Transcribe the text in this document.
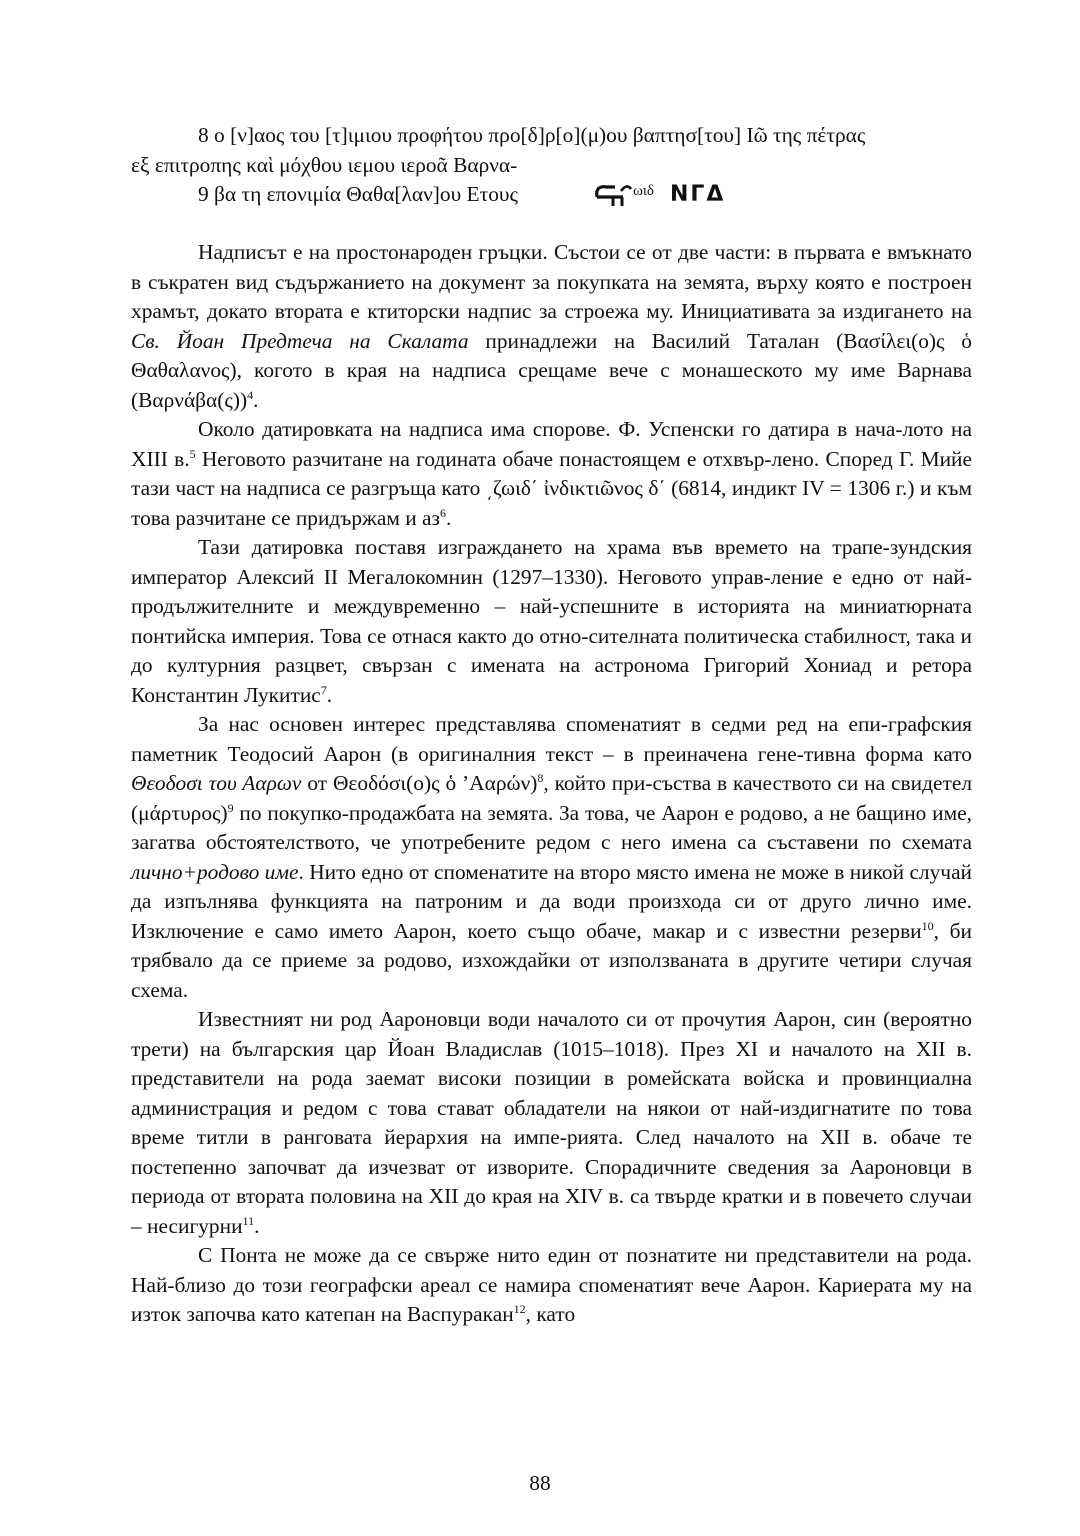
8 ο [ν]αος του [τ]ιμιου προφήτου προ[δ]ρ[ο](μ)ου βαπτησ[του] Ιῶ της πέτρας

εξ επιτροπης καὶ μόχθου ιεμου ιεροᾶ Βαρνα-

9 βα τη επονιμία Θαθα[λαν]ου Ετους	$^{\omega\iota\delta}$ ΝΓΔ

Надписът е на простонароден гръцки. Състои се от две части: в първата е вмъкнато в съкратен вид съдържанието на документ за покупката на земята, върху която е построен храмът, докато втората е ктиторски надпис за строежа му. Инициативата за издигането на Св. Йоан Предтеча на Скалата принадлежи на Василий Таталан (Βασίλει(ο)ς ὁ Θαθαλανος), когото в края на надписа срещаме вече с монашеското му име Варнава $(B\alpha\rho\nu ά\beta\alpha(\varsigma))^4$.

Около датировката на надписа има спорове. Ф. Успенски го датира в нача-лото на XIII в.$^5$ Неговото разчитане на годината обаче понастоящем е отхвър-лено. Според Г. Мийе тази част на надписа се разгръща като ͵ζωιδ΄ ἰνδικτιῶνος δ΄ (6814, индикт IV = 1306 г.) и към това разчитане се придържам и $аз^6$.

Тази датировка поставя изграждането на храма във времето на трапе-зундския император Алексий II Мегалокомнин (1297–1330). Неговото управ-ление е едно от най-продължителните и междувременно – най-успешните в историята на миниатюрната понтийска империя. Това се отнася както до отно-сителната политическа стабилност, така и до културния разцвет, свързан с имената на астронома Григорий Хониад и ретора Константин Лукитис$^7$.

За нас основен интерес представлява споменатият в седми ред на епи-графския паметник Теодосий Аарон (в оригиналния текст – в преиначена гене-тивна форма като Θεοδοσι του Ααρων от Θεοδόσι(ο)ς ὁ ’Ααρών)$^8$, който при-съства в качеството си на свидетел $(\mu ά\rho\tau\upsilon\rho o\varsigma)^9$ по покупко-продажбата на земята. За това, че Аарон е родово, а не бащино име, загатва обстоятелството, че употребените редом с него имена са съставени по схемата лично+родово име. Нито едно от споменатите на второ място имена не може в никой случай да изпълнява функцията на патроним и да води произхода си от друго лично име. Изключение е само името Аарон, което също обаче, макар и с известни резерви$^{10}$, би трябвало да се приеме за родово, изхождайки от използваната в другите четири случая схема.

Известният ни род Аароновци води началото си от прочутия Аарон, син (вероятно трети) на българския цар Йоан Владислав (1015–1018). През XI и началото на XII в. представители на рода заемат високи позиции в ромейската войска и провинциална администрация и редом с това стават обладатели на някои от най-издигнатите по това време титли в ранговата йерархия на импе-рията. След началото на XII в. обаче те постепенно започват да изчезват от изворите. Спорадичните сведения за Аароновци в периода от втората половина на XII до края на XIV в. са твърде кратки и в повечето случаи – несигурни$^{11}$.

С Понта не може да се свърже нито един от познатите ни представители на рода. Най-близо до този географски ареал се намира споменатият вече Аарон. Кариерата му на изток започва като катепан на Васпуракан$^{12}$, като

88
